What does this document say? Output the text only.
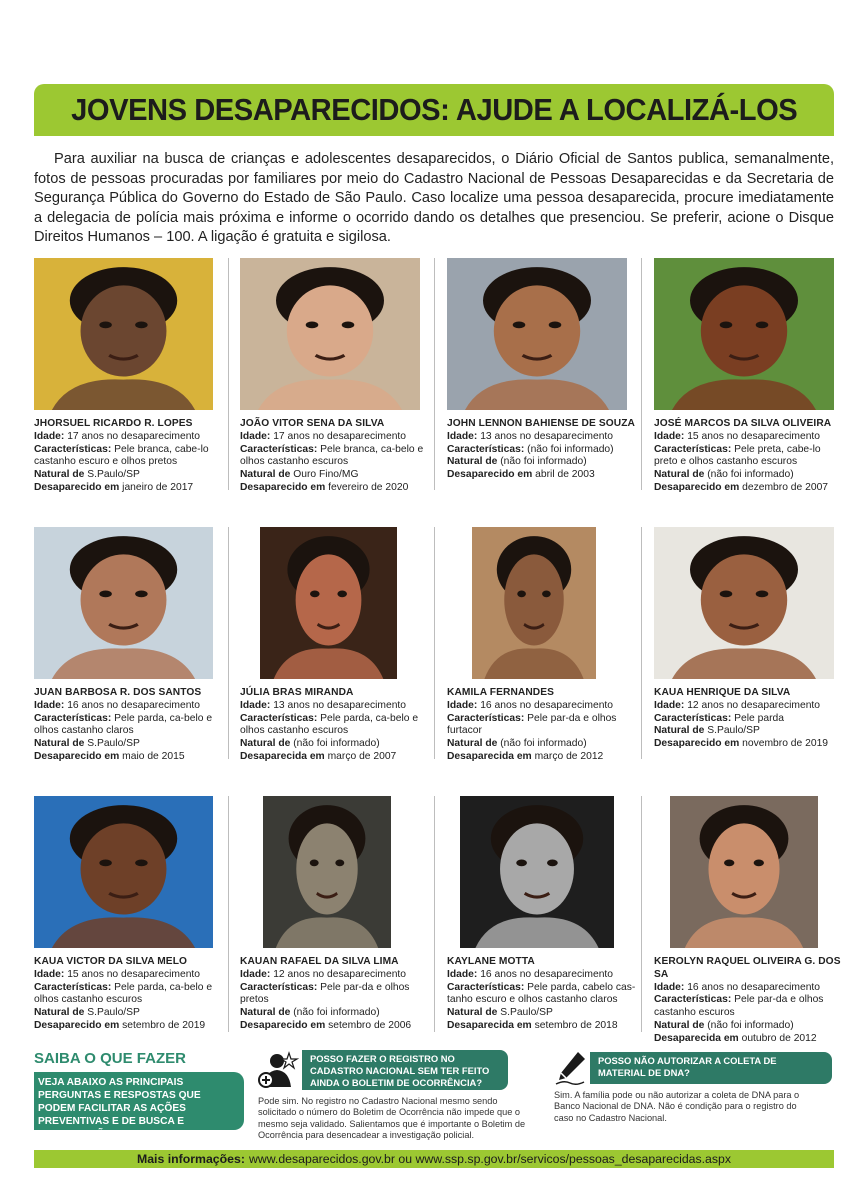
JOVENS DESAPARECIDOS: AJUDE A LOCALIZÁ-LOS

Para auxiliar na busca de crianças e adolescentes desaparecidos, o Diário Oficial de Santos publica, semanalmente, fotos de pessoas procuradas por familiares por meio do Cadastro Nacional de Pessoas Desaparecidas e da Secretaria de Segurança Pública do Governo do Estado de São Paulo. Caso localize uma pessoa desaparecida, procure imediatamente a delegacia de polícia mais próxima e informe o ocorrido dando os detalhes que presenciou. Se preferir, acione o Disque Direitos Humanos – 100. A ligação é gratuita e sigilosa.

JHORSUEL RICARDO R. LOPES
Idade: 17 anos no desaparecimento
Características: Pele branca, cabe-lo castanho escuro e olhos pretos
Natural de S.Paulo/SP
Desaparecido em janeiro de 2017
JOÃO VITOR SENA DA SILVA
Idade: 17 anos no desaparecimento
Características: Pele branca, ca-belo e olhos castanho escuros
Natural de Ouro Fino/MG
Desaparecido em fevereiro de 2020
JOHN LENNON BAHIENSE DE SOUZA
Idade: 13 anos no desaparecimento
Características: (não foi informado)
Natural de (não foi informado)
Desaparecido em abril de 2003
JOSÉ MARCOS DA SILVA OLIVEIRA
Idade: 15 anos no desaparecimento
Características: Pele preta, cabe-lo preto e olhos castanho escuros
Natural de (não foi informado)
Desaparecido em dezembro de 2007
JUAN BARBOSA R. DOS SANTOS
Idade: 16 anos no desaparecimento
Características: Pele parda, ca-belo e olhos castanho claros
Natural de S.Paulo/SP
Desaparecido em maio de 2015
JÚLIA BRAS MIRANDA
Idade: 13 anos no desaparecimento
Características: Pele parda, ca-belo e olhos castanho escuros
Natural de (não foi informado)
Desaparecida em março de 2007
KAMILA FERNANDES
Idade: 16 anos no desaparecimento
Características: Pele par-da e olhos furtacor
Natural de (não foi informado)
Desaparecida em março de 2012
KAUA HENRIQUE DA SILVA
Idade: 12 anos no desaparecimento
Características: Pele parda
Natural de S.Paulo/SP
Desaparecido em novembro de 2019
KAUA VICTOR DA SILVA MELO
Idade: 15 anos no desaparecimento
Características: Pele parda, ca-belo e olhos castanho escuros
Natural de S.Paulo/SP
Desaparecido em setembro de 2019
KAUAN RAFAEL DA SILVA LIMA
Idade: 12 anos no desaparecimento
Características: Pele par-da e olhos pretos
Natural de (não foi informado)
Desaparecido em setembro de 2006
KAYLANE MOTTA
Idade: 16 anos no desaparecimento
Características: Pele parda, cabelo cas-tanho escuro e olhos castanho claros
Natural de S.Paulo/SP
Desaparecida em setembro de 2018
KEROLYN RAQUEL OLIVEIRA G. DOS SA
Idade: 16 anos no desaparecimento
Características: Pele par-da e olhos castanho escuros
Natural de (não foi informado)
Desaparecida em outubro de 2012
SAIBA O QUE FAZER
VEJA ABAIXO AS PRINCIPAIS PERGUNTAS E RESPOSTAS QUE PODEM FACILITAR AS AÇÕES PREVENTIVAS E DE BUSCA E LOCALIZAÇÃO
POSSO FAZER O REGISTRO NO CADASTRO NACIONAL SEM TER FEITO AINDA O BOLETIM DE OCORRÊNCIA?
Pode sim. No registro no Cadastro Nacional mesmo sendo solicitado o número do Boletim de Ocorrência não impede que o mesmo seja validado. Salientamos que é importante o Boletim de Ocorrência para desencadear a investigação policial.
POSSO NÃO AUTORIZAR A COLETA DE MATERIAL DE DNA?
Sim. A família pode ou não autorizar a coleta de DNA para o Banco Nacional de DNA. Não é condição para o registro do caso no Cadastro Nacional.
Mais informações: www.desaparecidos.gov.br ou www.ssp.sp.gov.br/servicos/pessoas_desaparecidas.aspx
